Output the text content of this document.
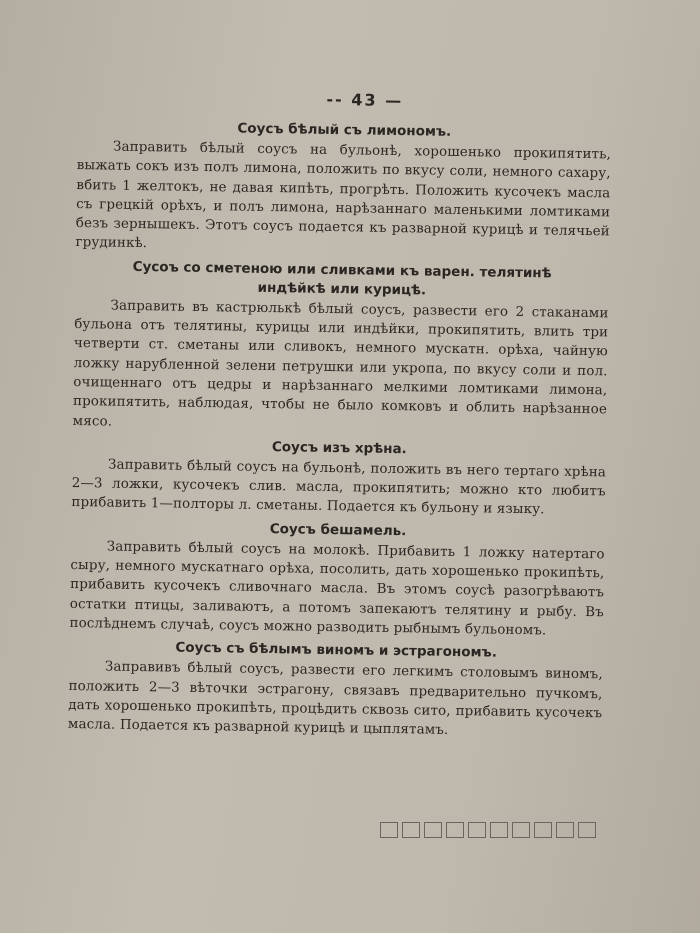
-- 43 —
Соусъ бѣлый съ лимономъ.

Заправить бѣлый соусъ на бульонѣ, хорошенько прокипятить, выжать сокъ изъ полъ лимона, положить по вкусу соли, немного сахару, вбить 1 желтокъ, не давая кипѣть, прогрѣть. Положить кусочекъ масла съ грецкій орѣхъ, и полъ лимона, нарѣзаннаго маленькими ломтиками безъ зернышекъ. Этотъ соусъ подается къ разварной курицѣ и телячьей грудинкѣ.

Сусоъ со сметеною или сливками къ варен. телятинѣ индѣйкѣ или курицѣ.

Заправить въ кастрюлькѣ бѣлый соусъ, развести его 2 стаканами бульона отъ телятины, курицы или индѣйки, прокипятить, влить три четверти ст. сметаны или сливокъ, немного мускатн. орѣха, чайную ложку нарубленной зелени петрушки или укропа, по вкусу соли и пол. очищеннаго отъ цедры и нарѣзаннаго мелкими ломтиками лимона, прокипятить, наблюдая, чтобы не было комковъ и облить нарѣзанное мясо.

Соусъ изъ хрѣна.

Заправить бѣлый соусъ на бульонѣ, положить въ него тертаго хрѣна 2—3 ложки, кусочекъ слив. масла, прокипятить; можно кто любитъ прибавить 1—полторы л. сметаны. Подается къ бульону и языку.

Соусъ бешамель.

Заправить бѣлый соусъ на молокѣ. Прибавить 1 ложку натертаго сыру, немного мускатнаго орѣха, посолить, дать хорошенько прокипѣть, прибавить кусочекъ сливочнаго масла. Въ этомъ соусѣ разогрѣваютъ остатки птицы, заливаютъ, а потомъ запекаютъ телятину и рыбу. Въ послѣднемъ случаѣ, соусъ можно разводить рыбнымъ бульономъ.

Соусъ съ бѣлымъ виномъ и эстрагономъ.

Заправивъ бѣлый соусъ, развести его легкимъ столовымъ виномъ, положить 2—3 вѣточки эстрагону, связавъ предварительно пучкомъ, дать хорошенько прокипѣть, процѣдить сквозь сито, прибавить кусочекъ масла. Подается къ разварной курицѣ и цыплятамъ.
